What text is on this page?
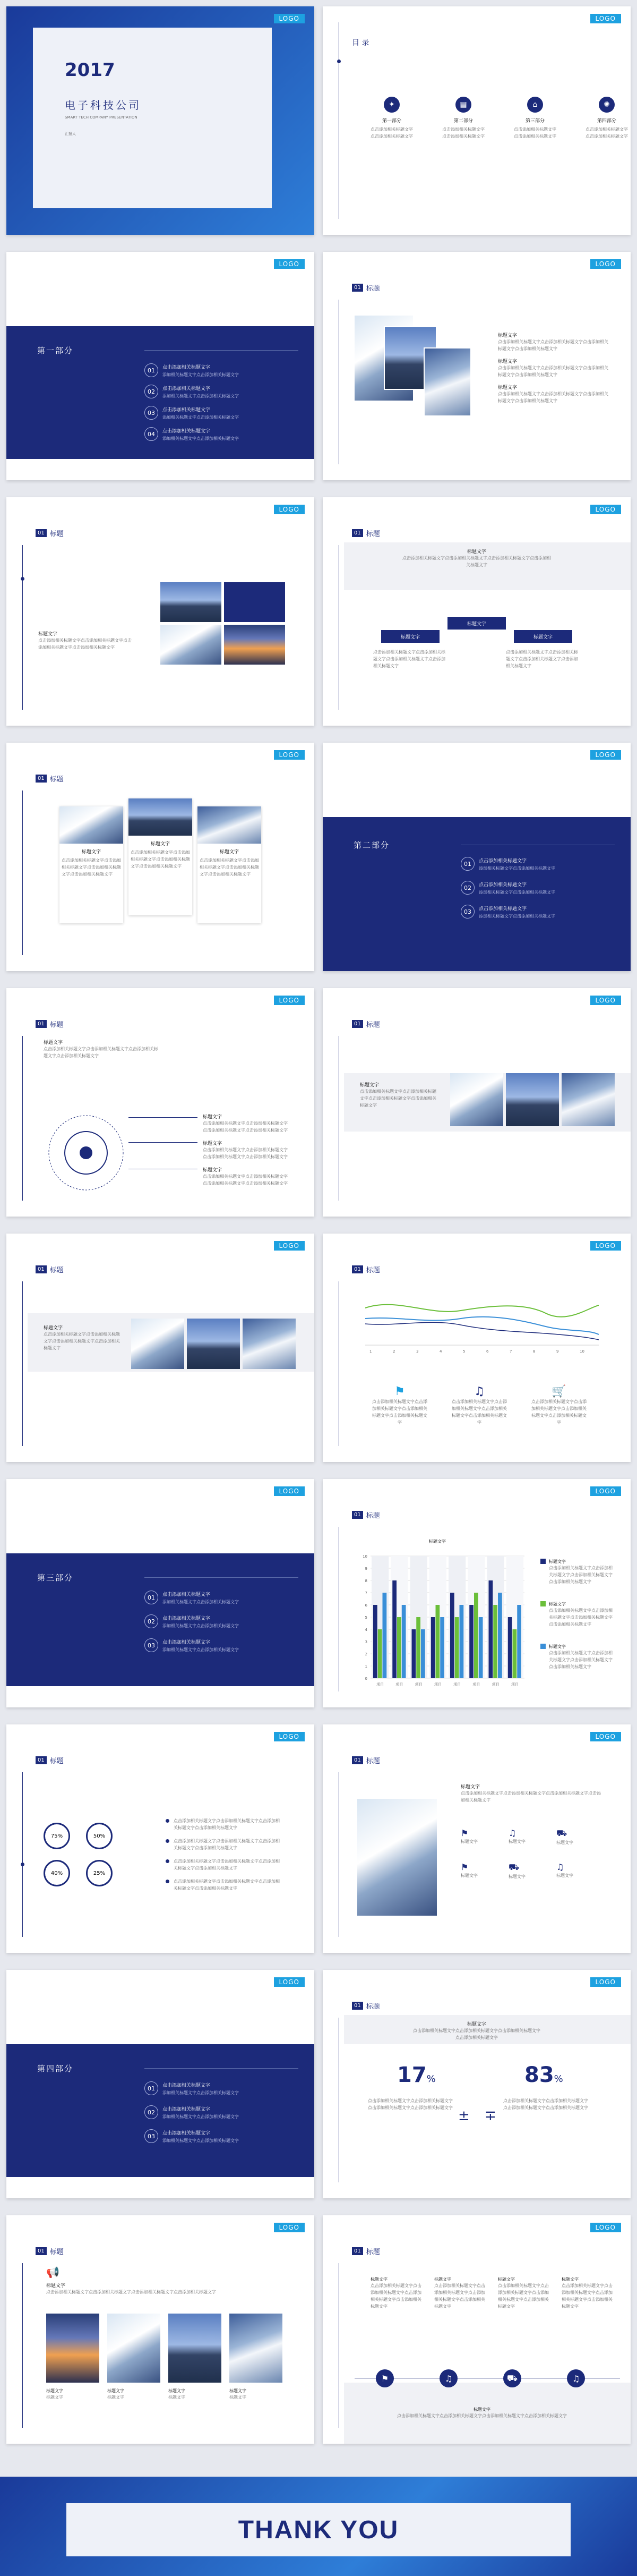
LOGO
2017
电子科技公司
SMART TECH COMPANY PRESENTATION
汇报人
LOGO
目 录
✦
第一部分
点击添加相关标题文字点击添加相关标题文字
▤
第二部分
点击添加相关标题文字点击添加相关标题文字
⌂
第三部分
点击添加相关标题文字点击添加相关标题文字
✺
第四部分
点击添加相关标题文字点击添加相关标题文字
LOGO
第一部分
01	点击添加相关标题文字
添加相关标题文字点击添加相关标题文字
02	点击添加相关标题文字
添加相关标题文字点击添加相关标题文字
03	点击添加相关标题文字
添加相关标题文字点击添加相关标题文字
04	点击添加相关标题文字
添加相关标题文字点击添加相关标题文字
LOGO
01 标题
标题文字
点击添加相关标题文字点击添加相关标题文字点击添加相关标题文字点击添加相关标题文字
标题文字
点击添加相关标题文字点击添加相关标题文字点击添加相关标题文字点击添加相关标题文字
标题文字
点击添加相关标题文字点击添加相关标题文字点击添加相关标题文字点击添加相关标题文字
LOGO
01 标题
标题文字
点击添加相关标题文字点击添加相关标题文字点击添加相关标题文字点击添加相关标题文字
LOGO
01 标题
标题文字
点击添加相关标题文字点击添加相关标题文字点击添加相关标题文字点击添加相关标题文字
标题文字
标题文字
标题文字
点击添加相关标题文字点击添加相关标题文字点击添加相关标题文字点击添加相关标题文字
点击添加相关标题文字点击添加相关标题文字点击添加相关标题文字点击添加相关标题文字
LOGO
01 标题
标题文字
点击添加相关标题文字点击添加相关标题文字点击添加相关标题文字点击添加相关标题文字
标题文字
点击添加相关标题文字点击添加相关标题文字点击添加相关标题文字点击添加相关标题文字
标题文字
点击添加相关标题文字点击添加相关标题文字点击添加相关标题文字点击添加相关标题文字
LOGO
第二部分
01	点击添加相关标题文字
添加相关标题文字点击添加相关标题文字
02	点击添加相关标题文字
添加相关标题文字点击添加相关标题文字
03	点击添加相关标题文字
添加相关标题文字点击添加相关标题文字
LOGO
01 标题
标题文字
点击添加相关标题文字点击添加相关标题文字点击添加相关标题文字点击添加相关标题文字
标题文字
点击添加相关标题文字点击添加相关标题文字点击添加相关标题文字点击添加相关标题文字
标题文字
点击添加相关标题文字点击添加相关标题文字点击添加相关标题文字点击添加相关标题文字
标题文字
点击添加相关标题文字点击添加相关标题文字点击添加相关标题文字点击添加相关标题文字
LOGO
01 标题
标题文字
点击添加相关标题文字点击添加相关标题文字点击添加相关标题文字点击添加相关标题文字
LOGO
01 标题
标题文字
点击添加相关标题文字点击添加相关标题文字点击添加相关标题文字点击添加相关标题文字
LOGO
01 标题
1	2	3	4	5	6	7	8	9	10
⚑
点击添加相关标题文字点击添加相关标题文字点击添加相关标题文字点击添加相关标题文字
♫
点击添加相关标题文字点击添加相关标题文字点击添加相关标题文字点击添加相关标题文字
🛒
点击添加相关标题文字点击添加相关标题文字点击添加相关标题文字点击添加相关标题文字
LOGO
第三部分
01	点击添加相关标题文字
添加相关标题文字点击添加相关标题文字
02	点击添加相关标题文字
添加相关标题文字点击添加相关标题文字
03	点击添加相关标题文字
添加相关标题文字点击添加相关标题文字
LOGO
01 标题
标题文字
10
9
8
7
6
5
4
3
2
1
0
项目	项目	项目	项目	项目	项目	项目	项目
标题文字
点击添加相关标题文字点击添加相关标题文字点击添加相关标题文字点击添加相关标题文字
标题文字
点击添加相关标题文字点击添加相关标题文字点击添加相关标题文字点击添加相关标题文字
标题文字
点击添加相关标题文字点击添加相关标题文字点击添加相关标题文字点击添加相关标题文字
LOGO
01 标题
75%	50%
40%	25%
点击添加相关标题文字点击添加相关标题文字点击添加相关标题文字点击添加相关标题文字
点击添加相关标题文字点击添加相关标题文字点击添加相关标题文字点击添加相关标题文字
点击添加相关标题文字点击添加相关标题文字点击添加相关标题文字点击添加相关标题文字
点击添加相关标题文字点击添加相关标题文字点击添加相关标题文字点击添加相关标题文字
LOGO
01 标题
标题文字
点击添加相关标题文字点击添加相关标题文字点击添加相关标题文字点击添加相关标题文字
⚑
标题文字
♫
标题文字
⛟
标题文字
⚑
标题文字
⛟
标题文字
♫
标题文字
LOGO
第四部分
01	点击添加相关标题文字
添加相关标题文字点击添加相关标题文字
02	点击添加相关标题文字
添加相关标题文字点击添加相关标题文字
03	点击添加相关标题文字
添加相关标题文字点击添加相关标题文字
LOGO
01 标题
标题文字
点击添加相关标题文字点击添加相关标题文字点击添加相关标题文字点击添加相关标题文字
17%	83%
点击添加相关标题文字点击添加相关标题文字点击添加相关标题文字点击添加相关标题文字
点击添加相关标题文字点击添加相关标题文字点击添加相关标题文字点击添加相关标题文字
± ∓
LOGO
01 标题
📢
标题文字
点击添加相关标题文字点击添加相关标题文字点击添加相关标题文字点击添加相关标题文字
标题文字
标题文字
标题文字
标题文字
标题文字
标题文字
标题文字
标题文字
LOGO
01 标题
标题文字
点击添加相关标题文字点击添加相关标题文字点击添加相关标题文字点击添加相关标题文字
标题文字
点击添加相关标题文字点击添加相关标题文字点击添加相关标题文字点击添加相关标题文字
标题文字
点击添加相关标题文字点击添加相关标题文字点击添加相关标题文字点击添加相关标题文字
标题文字
点击添加相关标题文字点击添加相关标题文字点击添加相关标题文字点击添加相关标题文字
⚑	♫	⛟	♫
标题文字
点击添加相关标题文字点击添加相关标题文字点击添加相关标题文字点击添加相关标题文字
THANK YOU
